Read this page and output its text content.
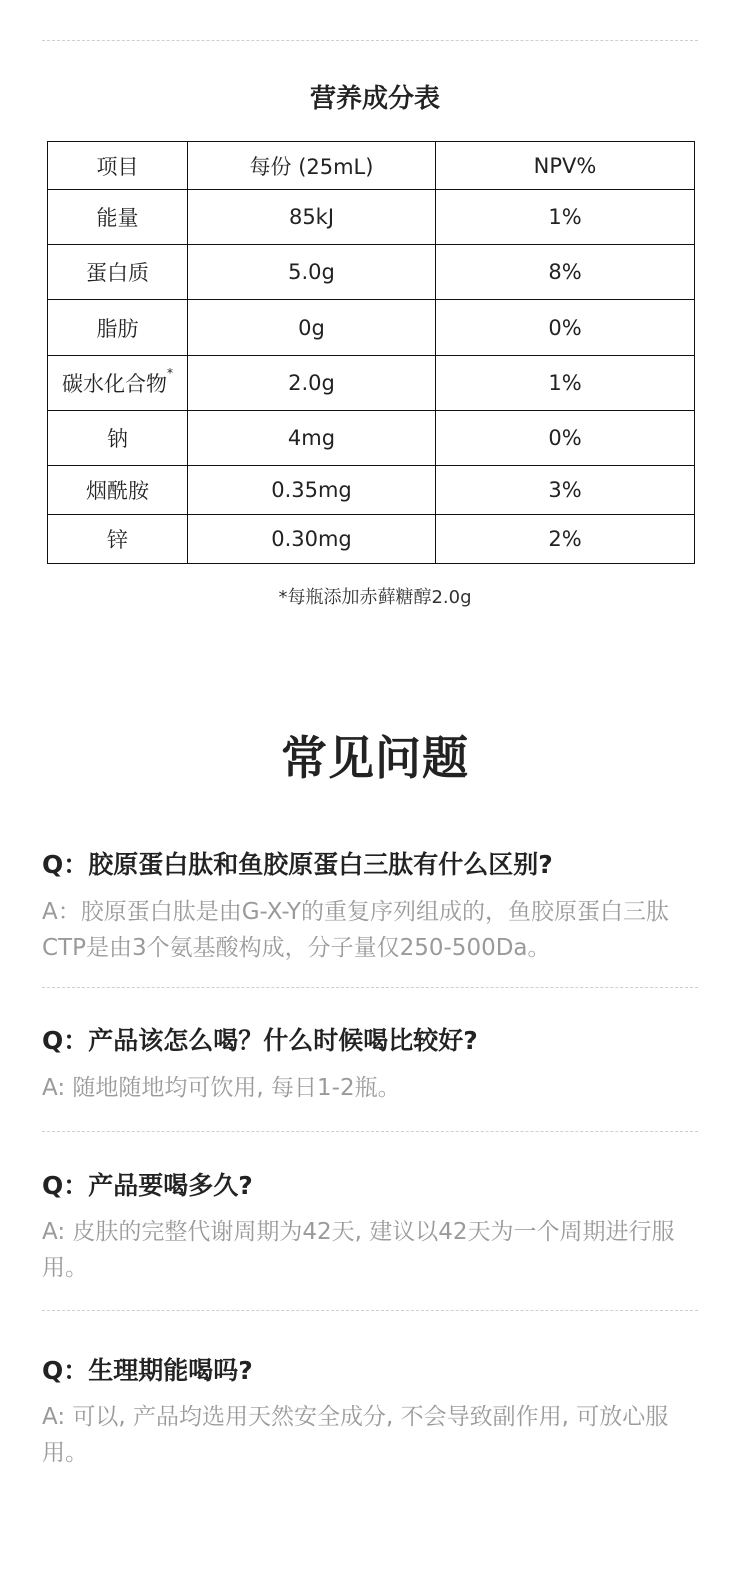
营养成分表
项目	每份 (25mL)	NPV%
能量	85kJ	1%
蛋白质	5.0g	8%
脂肪	0g	0%
碳水化合物*	2.0g	1%
钠	4mg	0%
烟酰胺	0.35mg	3%
锌	0.30mg	2%
*每瓶添加赤藓糖醇2.0g
常见问题
Q：胶原蛋白肽和鱼胶原蛋白三肽有什么区别?
A：胶原蛋白肽是由G-X-Y的重复序列组成的，鱼胶原蛋白三肽CTP是由3个氨基酸构成，分子量仅250-500Da。
Q：产品该怎么喝？什么时候喝比较好?
A: 随地随地均可饮用, 每日1-2瓶。
Q：产品要喝多久?
A: 皮肤的完整代谢周期为42天, 建议以42天为一个周期进行服用。
Q：生理期能喝吗?
A: 可以, 产品均选用天然安全成分, 不会导致副作用, 可放心服用。
